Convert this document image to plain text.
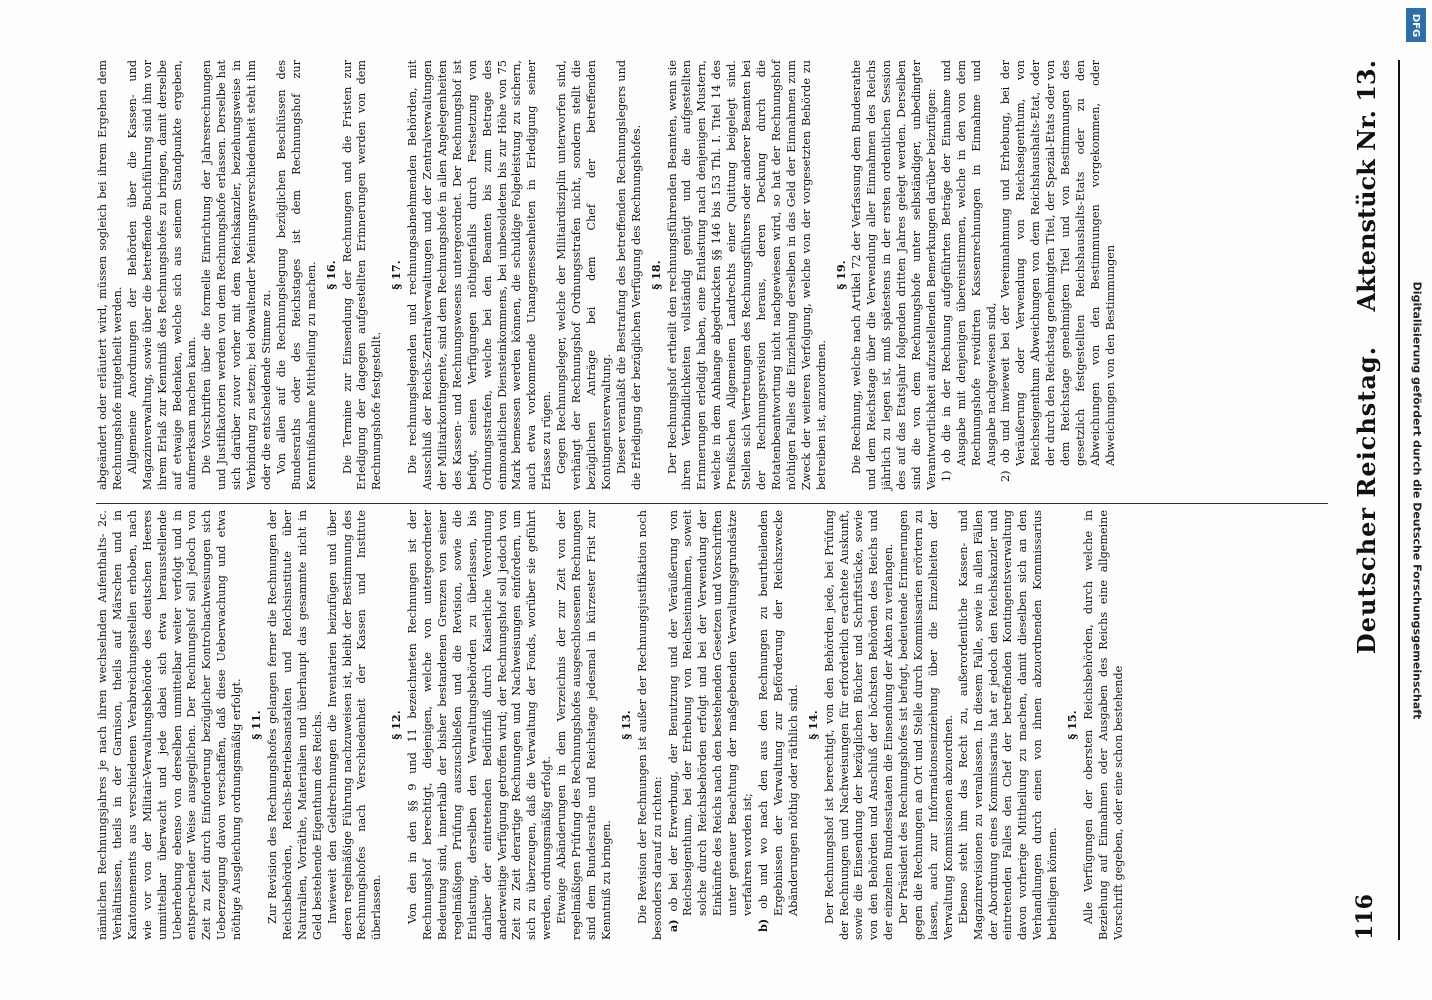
116
Deutscher Reichstag.
Aktenstück Nr. 13.

nämlichen Rechnungsjahres je nach ihren wechselnden Aufenthalts- 2c. Verhältnissen, theils in der Garnison, theils auf Märschen und in Kantonnements aus verschiedenen Verabreichungsstellen erhoben, nach wie vor von der Militair-Verwaltungsbehörde des deutschen Heeres unmittelbar überwacht und jede dabei sich etwa herausstellende Ueberhebung ebenso von derselben unmittelbar weiter verfolgt und in entsprechender Weise ausgeglichen. Der Rechnungshof soll jedoch von Zeit zu Zeit durch Einforderung bezüglicher Kontrolnachweisungen sich Ueberzeugung davon verschaffen, daß diese Ueberwachung und etwa nöthige Ausgleichung ordnungsmäßig erfolgt. § 11. Zur Revision des Rechnungshofes gelangen ferner die Rechnungen der Reichsbehörden, Reichs-Betriebsanstalten und Reichsinstitute über Naturalien, Vorräthe, Materialien und überhaupt das gesammte nicht in Geld bestehende Eigenthum des Reichs. Inwieweit den Geldrechnungen die Inventarien beizufügen und über deren regelmäßige Führung nachzuweisen ist, bleibt der Bestimmung des Rechnungshofes nach Verschiedenheit der Kassen und Institute überlassen.

§ 12. Von den in den §§ 9 und 11 bezeichneten Rechnungen ist der Rechnungshof berechtigt, diejenigen, welche von untergeordneter Bedeutung sind, innerhalb der bisher bestandenen Grenzen von seiner regelmäßigen Prüfung auszuschließen und die Revision, sowie die Entlastung, derselben den Verwaltungsbehörden zu überlassen, bis darüber der eintretenden Bedürfniß durch Kaiserliche Verordnung anderweitige Verfügung getroffen wird; der Rechnungshof soll jedoch von Zeit zu Zeit derartige Rechnungen und Nachweisungen einfordern, um sich zu überzeugen, daß die Verwaltung der Fonds, worüber sie geführt werden, ordnungsmäßig erfolgt. Etwaige Abänderungen in dem Verzeichnis der zur Zeit von der regelmäßigen Prüfung des Rechnungshofes ausgeschlossenen Rechnungen sind dem Bundesrathe und Reichstage jedesmal in kürzester Frist zur Kenntniß zu bringen.

§ 13. Die Revision der Rechnungen ist außer der Rechnungsjustifikation noch besonders darauf zu richten: a) ob bei der Erwerbung, der Benutzung und der Veräußerung von Reichseigenthum, bei der Erhebung von Reichseinnahmen, soweit solche durch Reichsbehörden erfolgt und bei der Verwendung der Einkünfte des Reichs nach den bestehenden Gesetzen und Vorschriften unter genauer Beachtung der maßgebenden Verwaltungsgrundsätze verfahren worden ist;

b) ob und wo nach den aus den Rechnungen zu beurtheilenden Ergebnissen der Verwaltung zur Beförderung der Reichszwecke Abänderungen nöthig oder räthlich sind. § 14. Der Rechnungshof ist berechtigt, von den Behörden jede, bei Prüfung der Rechnungen und Nachweisungen für erforderlich erachtete Auskunft, sowie die Einsendung der bezüglichen Bücher und Schriftstücke, sowie von den Behörden und Anschluß der höchsten Behörden des Reichs und der einzelnen Bundesstaaten die Einsendung der Akten zu verlangen. Der Präsident des Rechnungshofes ist befugt, bedeutende Erinnerungen gegen die Rechnungen an Ort und Stelle durch Kommissarien erörtern zu lassen, auch zur Informationseinziehung über die Einzelheiten der Verwaltung Kommissionen abzuordnen. Ebenso steht ihm das Recht zu, außerordentliche Kassen- und Magazinrevisionen zu veranlassen. In diesem Falle, sowie in allen Fällen der Abordnung eines Kommissarius hat er jedoch den Reichskanzler und eintretenden Falles den Chef der betreffenden Kontingentsverwaltung davon vorherige Mittheilung zu machen, damit dieselben sich an den Verhandlungen durch einen von ihnen abzuordnenden Kommissarius betheiligen können.

§ 15. Alle Verfügungen der obersten Reichsbehörden, durch welche in Beziehung auf Einnahmen oder Ausgaben des Reichs eine allgemeine Vorschrift gegeben, oder eine schon bestehende

abgeändert oder erläutert wird, müssen sogleich bei ihrem Ergehen dem Rechnungshofe mitgetheilt werden. Allgemeine Anordnungen der Behörden über die Kassen- und Magazinverwaltung, sowie über die betreffende Buchführung sind ihm vor ihrem Erlaß zur Kenntniß des Rechnungshofes zu bringen, damit derselbe auf etwaige Bedenken, welche sich aus seinem Standpunkte ergeben, aufmerksam machen kann. Die Vorschriften über die formelle Einrichtung der Jahresrechnungen und Justifikatorien werden von dem Rechnungshofe erlassen. Derselbe hat sich darüber zuvor vorher mit dem Reichskanzler, beziehungsweise in Verbindung zu setzen; bei obwaltender Meinungsverschiedenheit steht ihm oder die entscheidende Stimme zu. Von allen auf die Rechnungslegung bezüglichen Beschlüssen des Bundesraths oder des Reichstages ist dem Rechnungshof zur Kenntnißnahme Mittheilung zu machen. § 16. Die Termine zur Einsendung der Rechnungen und die Fristen zur Erledigung der dagegen aufgestellten Erinnerungen werden von dem Rechnungshofe festgestellt.

§ 17. Die rechnungslegenden und rechnungsabnehmenden Behörden, mit Ausschluß der Reichs-Zentralverwaltungen und der Zentralverwaltungen der Militairkontingente, sind dem Rechnungshofe in allen Angelegenheiten des Kassen- und Rechnungswesens untergeordnet. Der Rechnungshof ist befugt, seinen Verfügungen nöthigenfalls durch Festsetzung von Ordnungsstrafen, welche bei den Beamten bis zum Betrage des einmonatlichen Diensteinkommens, bei unbesoldeten bis zur Höhe von 75 Mark bemessen werden können, die schuldige Folgeleistung zu sichern, auch etwa vorkommende Unangemessenheiten in Erledigung seiner Erlasse zu rügen. Gegen Rechnungsleger, welche der Militairdisziplin unterworfen sind, verhängt der Rechnungshof Ordnungsstrafen nicht, sondern stellt die bezüglichen Anträge bei dem Chef der betreffenden Kontingentsverwaltung. Dieser veranlaßt die Bestrafung des betreffenden Rechnungslegers und die Erledigung der bezüglichen Verfügung des Rechnungshofes. § 18. Der Rechnungshof ertheilt den rechnungsführenden Beamten, wenn sie ihren Verbindlichkeiten vollständig genügt und die aufgestellten Erinnerungen erledigt haben, eine Entlastung nach denjenigen Mustern, welche in dem Anhange abgedruckten §§ 146 bis 153 Thl. I. Titel 14 des Preußischen Allgemeinen Landrechts einer Quittung beigelegt sind. Stellen sich Vertretungen des Rechnungsführers oder anderer Beamten bei der Rechnungsrevision heraus, deren Deckung durch die Rotatenbeantwortung nicht nachgewiesen wird, so hat der Rechnungshof nöthigen Falles die Einziehung derselben in das Geld der Einnahmen zum Zweck der weiteren Verfolgung, welche von der vorgesetzten Behörde zu betreiben ist, anzuordnen.

§ 19. Die Rechnung, welche nach Artikel 72 der Verfassung dem Bundesrathe und dem Reichstage über die Verwendung aller Einnahmen des Reichs jährlich zu legen ist, muß spätestens in der ersten ordentlichen Session des auf das Etatsjahr folgenden dritten Jahres gelegt werden. Derselben sind die von dem Rechnungshofe unter selbständiger, unbedingter Verantwortlichkeit aufzustellenden Bemerkungen darüber beizufügen: 1) ob die in der Rechnung aufgeführten Beträge der Einnahme und Ausgabe mit denjenigen übereinstimmen, welche in den von dem Rechnungshofe revidirten Kassenrechnungen in Einnahme und Ausgabe nachgewiesen sind, 2) ob und inwieweit bei der Vereinnahmung und Erhebung, bei der Veräußerung oder Verwendung von Reichseigenthum, von Reichseigenthum Abweichungen von dem Reichshaushalts-Etat, oder der durch den Reichstag genehmigten Titel, der Spezial-Etats oder von dem Reichstage genehmigten Titel und von Bestimmungen des gesetzlich festgestellten Reichshaushalts-Etats oder zu den Abweichungen von den Bestimmungen vorgekommen, oder Abweichungen von den Bestimmungen	Digitalisierung gefördert durch die Deutsche Forschungsgemeinschaft
DFG
